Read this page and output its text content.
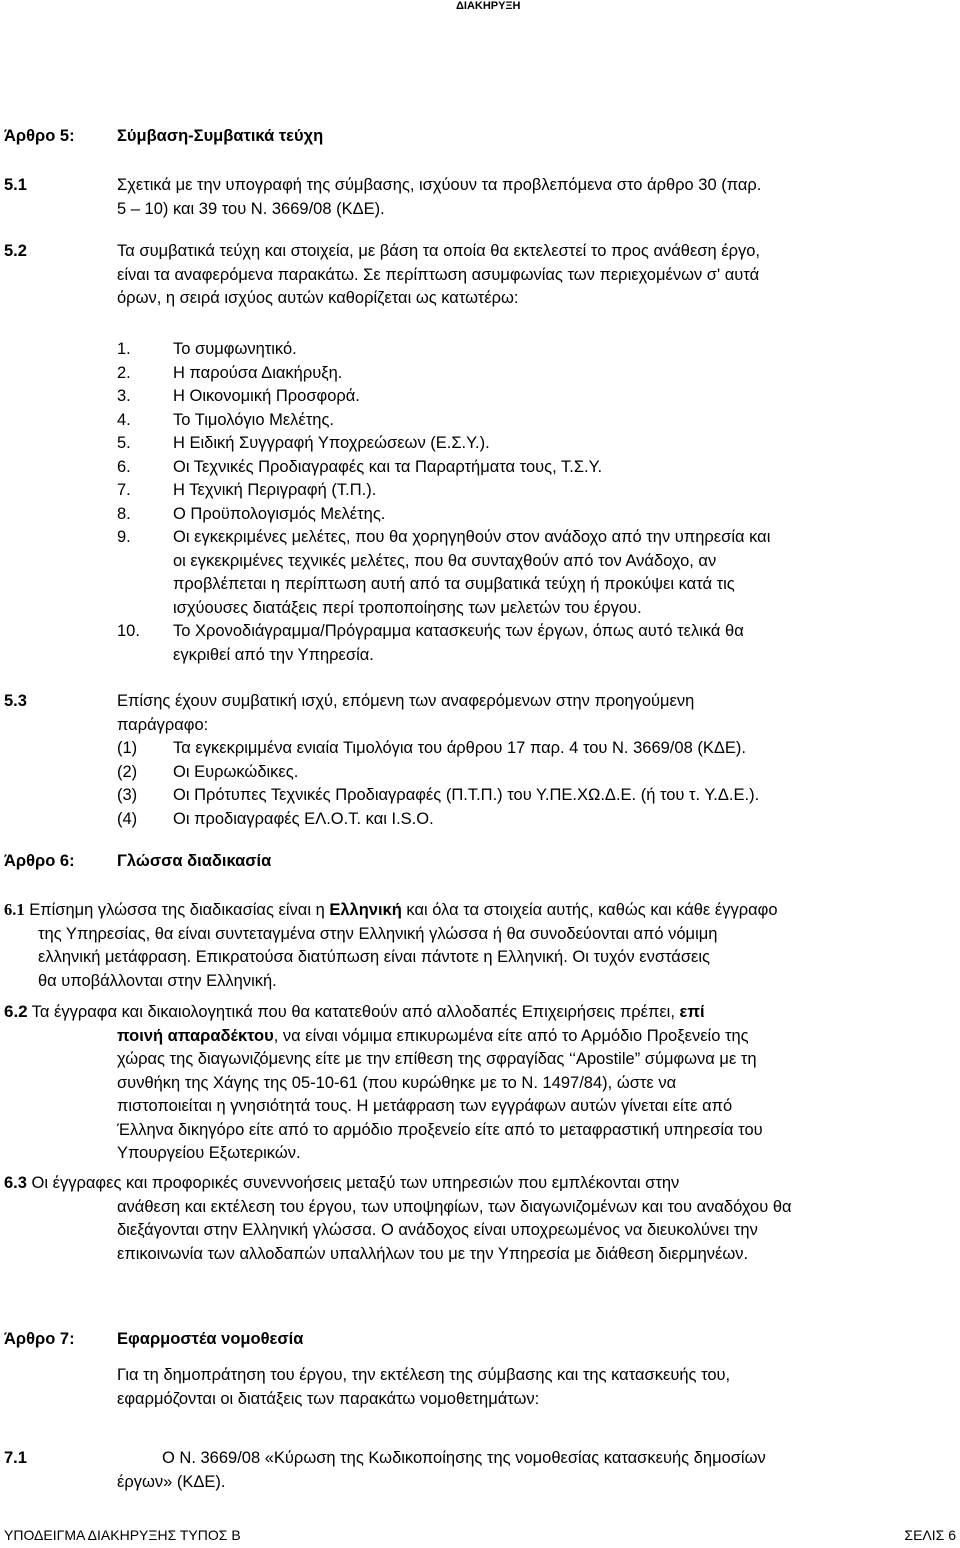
ΔΙΑΚΗΡΥΞΗ
Άρθρο 5:	Σύμβαση-Συμβατικά τεύχη
5.1	Σχετικά με την υπογραφή της σύμβασης, ισχύουν τα προβλεπόμενα στο άρθρο 30 (παρ.
5 – 10) και 39 του Ν. 3669/08 (ΚΔΕ).
5.2	Τα συμβατικά τεύχη και στοιχεία, με βάση τα οποία θα εκτελεστεί το προς ανάθεση έργο,
είναι τα αναφερόμενα παρακάτω. Σε περίπτωση ασυμφωνίας των περιεχομένων σ' αυτά
όρων, η σειρά ισχύος αυτών καθορίζεται ως κατωτέρω:
1.	Το συμφωνητικό.
2.	Η παρούσα Διακήρυξη.
3.	Η Οικονομική Προσφορά.
4.	Το Τιμολόγιο Μελέτης.
5.	Η Ειδική Συγγραφή Υποχρεώσεων (Ε.Σ.Υ.).
6.	Οι Τεχνικές Προδιαγραφές και τα Παραρτήματα τους, Τ.Σ.Υ.
7.	Η Τεχνική Περιγραφή (Τ.Π.).
8.	Ο Προϋπολογισμός Μελέτης.
9.	Οι εγκεκριμένες μελέτες, που θα χορηγηθούν στον ανάδοχο από την υπηρεσία και
οι εγκεκριμένες τεχνικές μελέτες, που θα συνταχθούν από τον Ανάδοχο, αν
προβλέπεται η περίπτωση αυτή από τα συμβατικά τεύχη ή προκύψει κατά τις
ισχύουσες διατάξεις περί τροποποίησης των μελετών του έργου.
10.	Το Χρονοδιάγραμμα/Πρόγραμμα κατασκευής των έργων, όπως αυτό τελικά θα
εγκριθεί από την Υπηρεσία.
5.3	Επίσης έχουν συμβατική ισχύ, επόμενη των αναφερόμενων στην προηγούμενη
παράγραφο:
(1)	Τα εγκεκριμμένα ενιαία Τιμολόγια του άρθρου 17 παρ. 4 του Ν. 3669/08 (ΚΔΕ).
(2)	Οι Ευρωκώδικες.
(3)	Οι Πρότυπες Τεχνικές Προδιαγραφές (Π.Τ.Π.) του Υ.ΠΕ.ΧΩ.Δ.Ε. (ή του τ. Υ.Δ.Ε.).
(4)	Οι προδιαγραφές ΕΛ.Ο.Τ. και I.S.O.
Άρθρο 6:	Γλώσσα διαδικασία
6.1 Επίσημη γλώσσα της διαδικασίας είναι η Ελληνική και όλα τα στοιχεία αυτής, καθώς και κάθε έγγραφο
της Υπηρεσίας, θα είναι συντεταγμένα στην Ελληνική γλώσσα ή θα συνοδεύονται από νόμιμη
ελληνική μετάφραση. Επικρατούσα διατύπωση είναι πάντοτε η Ελληνική. Οι τυχόν ενστάσεις
θα υποβάλλονται στην Ελληνική.
6.2 Τα έγγραφα και δικαιολογητικά που θα κατατεθούν από αλλοδαπές Επιχειρήσεις πρέπει, επί
ποινή απαραδέκτου, να είναι νόμιμα επικυρωμένα είτε από το Αρμόδιο Προξενείο της
χώρας της διαγωνιζόμενης είτε με την επίθεση της σφραγίδας ‘‘Apostile” σύμφωνα με τη
συνθήκη της Χάγης της 05-10-61 (που κυρώθηκε με το Ν. 1497/84), ώστε να
πιστοποιείται η γνησιότητά τους. Η μετάφραση των εγγράφων αυτών γίνεται είτε από
Έλληνα δικηγόρο είτε από το αρμόδιο προξενείο είτε από το μεταφραστική υπηρεσία του
Υπουργείου Εξωτερικών.
6.3 Οι έγγραφες και προφορικές συνεννοήσεις μεταξύ των υπηρεσιών που εμπλέκονται στην
ανάθεση και εκτέλεση του έργου, των υποψηφίων, των διαγωνιζομένων και του αναδόχου θα
διεξάγονται στην Ελληνική γλώσσα. Ο ανάδοχος είναι υποχρεωμένος να διευκολύνει την
επικοινωνία των αλλοδαπών υπαλλήλων του με την Υπηρεσία με διάθεση διερμηνέων.
Άρθρο 7:	Εφαρμοστέα νομοθεσία
Για τη δημοπράτηση του έργου, την εκτέλεση της σύμβασης και της κατασκευής του,
εφαρμόζονται οι διατάξεις των παρακάτω νομοθετημάτων:
7.1	Ο Ν. 3669/08 «Κύρωση της Κωδικοποίησης της νομοθεσίας κατασκευής δημοσίων
έργων» (ΚΔΕ).
ΥΠΟΔΕΙΓΜΑ ΔΙΑΚΗΡΥΞΗΣ ΤΥΠΟΣ Β	ΣΕΛΙΣ 6
